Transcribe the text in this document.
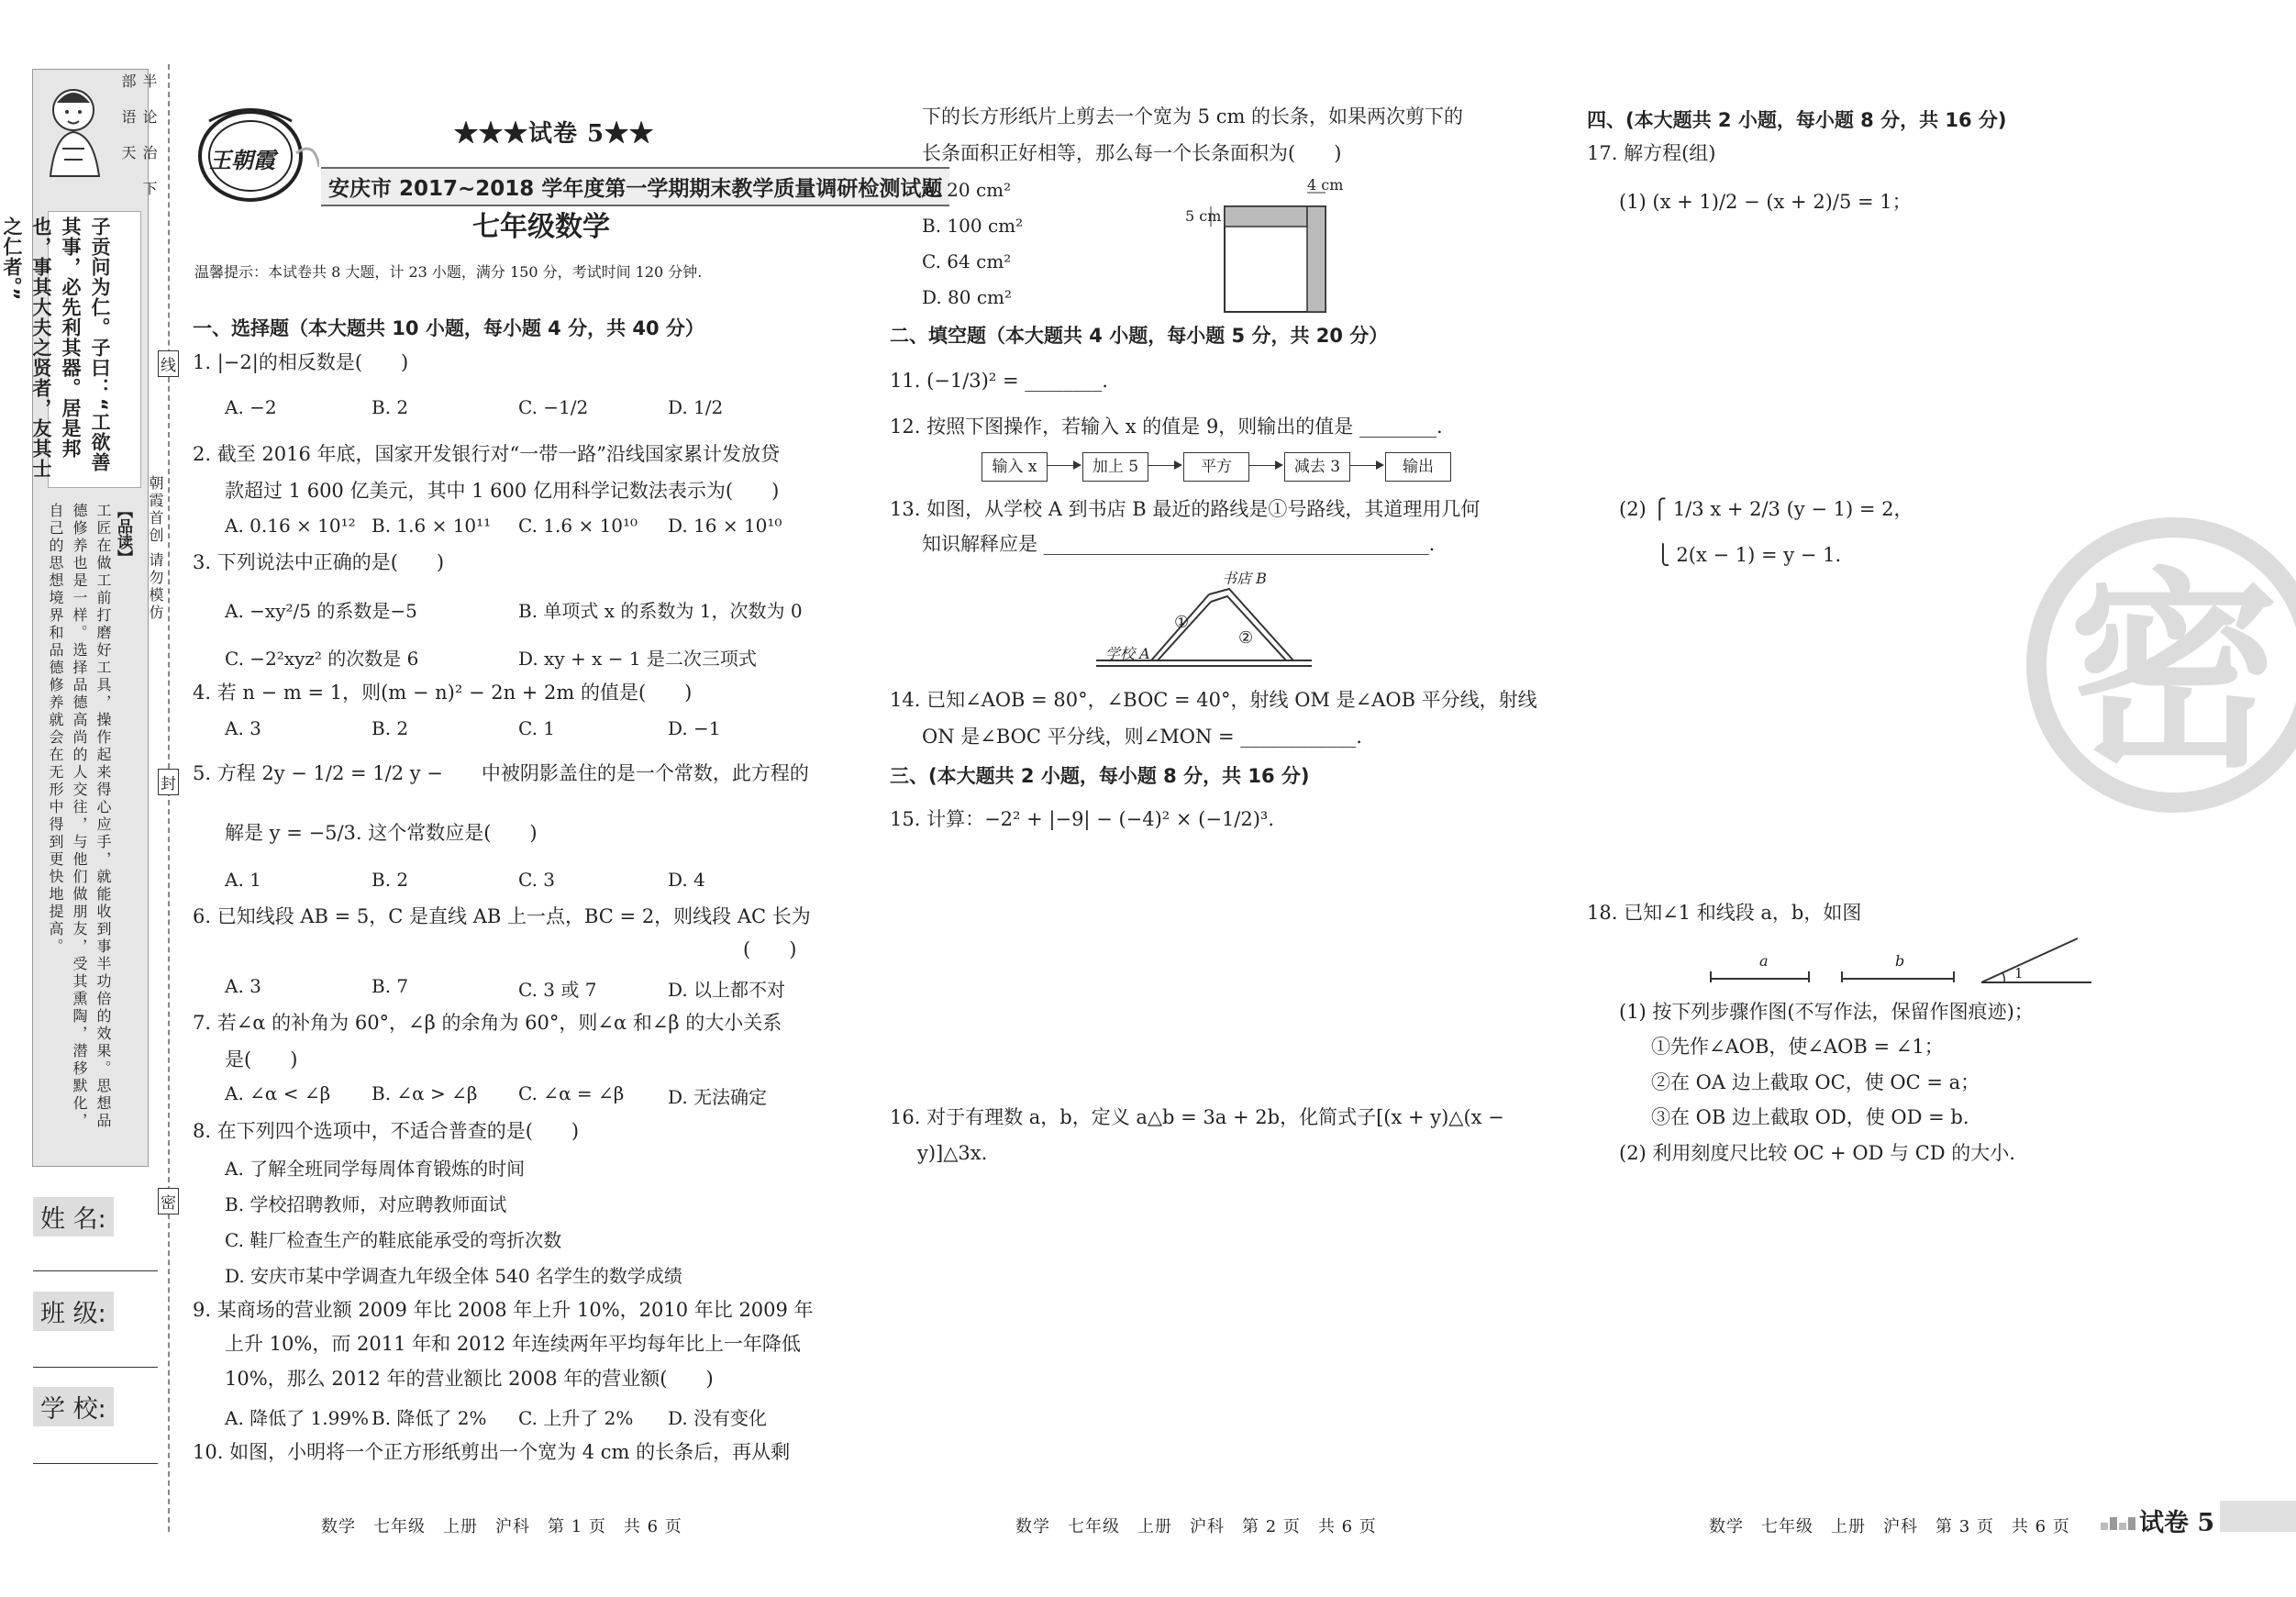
半部论语治天下
子贡问为仁。子曰：“工欲善其事，必先利其器。居是邦也，事其大夫之贤者，友其士之仁者。”
【品读】
工匠在做工前打磨好工具，操作起来得心应手，就能收到事半功倍的效果。思想品德修养也是一样。选择品德高尚的人交往，与他们做朋友，受其熏陶，潜移默化，自己的思想境界和品德修养就会在无形中得到更快地提高。	朝霞首创 请勿模仿
线
封
密
姓 名:
班 级:
学 校:
王朝霞
★★★试卷 5★★
安庆市 2017~2018 学年度第一学期期末教学质量调研检测试题
七年级数学
温馨提示：本试卷共 8 大题，计 23 小题，满分 150 分，考试时间 120 分钟.
一、选择题（本大题共 10 小题，每小题 4 分，共 40 分）
1. |−2|的相反数是(　　)
A. −2	B. 2	C. −1/2	D. 1/2
2. 截至 2016 年底，国家开发银行对“一带一路”沿线国家累计发放贷
款超过 1 600 亿美元，其中 1 600 亿用科学记数法表示为(　　)
A. 0.16 × 10¹² B. 1.6 × 10¹¹ C. 1.6 × 10¹⁰ D. 16 × 10¹⁰
3. 下列说法中正确的是(　　)
A. −xy²/5 的系数是−5	B. 单项式 x 的系数为 1，次数为 0
C. −2²xyz² 的次数是 6	D. xy + x − 1 是二次三项式
4. 若 n − m = 1，则(m − n)² − 2n + 2m 的值是(　　)
A. 3	B. 2	C. 1	D. −1
5. 方程 2y − 1/2 = 1/2 y −　　中被阴影盖住的是一个常数，此方程的
解是 y = −5/3. 这个常数应是(　　)
A. 1	B. 2	C. 3	D. 4
6. 已知线段 AB = 5，C 是直线 AB 上一点，BC = 2，则线段 AC 长为
(　　)
A. 3	B. 7	C. 3 或 7	D. 以上都不对
7. 若∠α 的补角为 60°，∠β 的余角为 60°，则∠α 和∠β 的大小关系
是(　　)
A. ∠α < ∠β B. ∠α > ∠β C. ∠α = ∠β D. 无法确定
8. 在下列四个选项中，不适合普查的是(　　)
A. 了解全班同学每周体育锻炼的时间
B. 学校招聘教师，对应聘教师面试
C. 鞋厂检查生产的鞋底能承受的弯折次数
D. 安庆市某中学调查九年级全体 540 名学生的数学成绩
9. 某商场的营业额 2009 年比 2008 年上升 10%，2010 年比 2009 年
上升 10%，而 2011 年和 2012 年连续两年平均每年比上一年降低
10%，那么 2012 年的营业额比 2008 年的营业额(　　)
A. 降低了 1.99% B. 降低了 2% C. 上升了 2% D. 没有变化
10. 如图，小明将一个正方形纸剪出一个宽为 4 cm 的长条后，再从剩
数学　七年级　上册　沪科　第 1 页　共 6 页
下的长方形纸片上剪去一个宽为 5 cm 的长条，如果两次剪下的
长条面积正好相等，那么每一个长条面积为(　　)
A. 20 cm²
B. 100 cm²
C. 64 cm²
D. 80 cm²
4 cm
5 cm
二、填空题（本大题共 4 小题，每小题 5 分，共 20 分）
11. (−1/3)² = ________.
12. 按照下图操作，若输入 x 的值是 9，则输出的值是 ________.
输入 x	加上 5	平方	减去 3	输出
13. 如图，从学校 A 到书店 B 最近的路线是①号路线，其道理用几何
知识解释应是 ________________________________________.
书店 B
学校 A
①
②
14. 已知∠AOB = 80°，∠BOC = 40°，射线 OM 是∠AOB 平分线，射线
ON 是∠BOC 平分线，则∠MON = ____________.
三、(本大题共 2 小题，每小题 8 分，共 16 分)
15. 计算：−2² + |−9| − (−4)² × (−1/2)³.
16. 对于有理数 a，b，定义 a△b = 3a + 2b，化简式子[(x + y)△(x −
y)]△3x.
数学　七年级　上册　沪科　第 2 页　共 6 页
密
四、(本大题共 2 小题，每小题 8 分，共 16 分)
17. 解方程(组)
(1) (x + 1)/2 − (x + 2)/5 = 1；
(2) ⎧ 1/3 x + 2/3 (y − 1) = 2，
⎩ 2(x − 1) = y − 1.
18. 已知∠1 和线段 a，b，如图
a	b
1
(1) 按下列步骤作图(不写作法，保留作图痕迹)；
①先作∠AOB，使∠AOB = ∠1；
②在 OA 边上截取 OC，使 OC = a；
③在 OB 边上截取 OD，使 OD = b.
(2) 利用刻度尺比较 OC + OD 与 CD 的大小.
数学　七年级　上册　沪科　第 3 页　共 6 页	试卷 5
